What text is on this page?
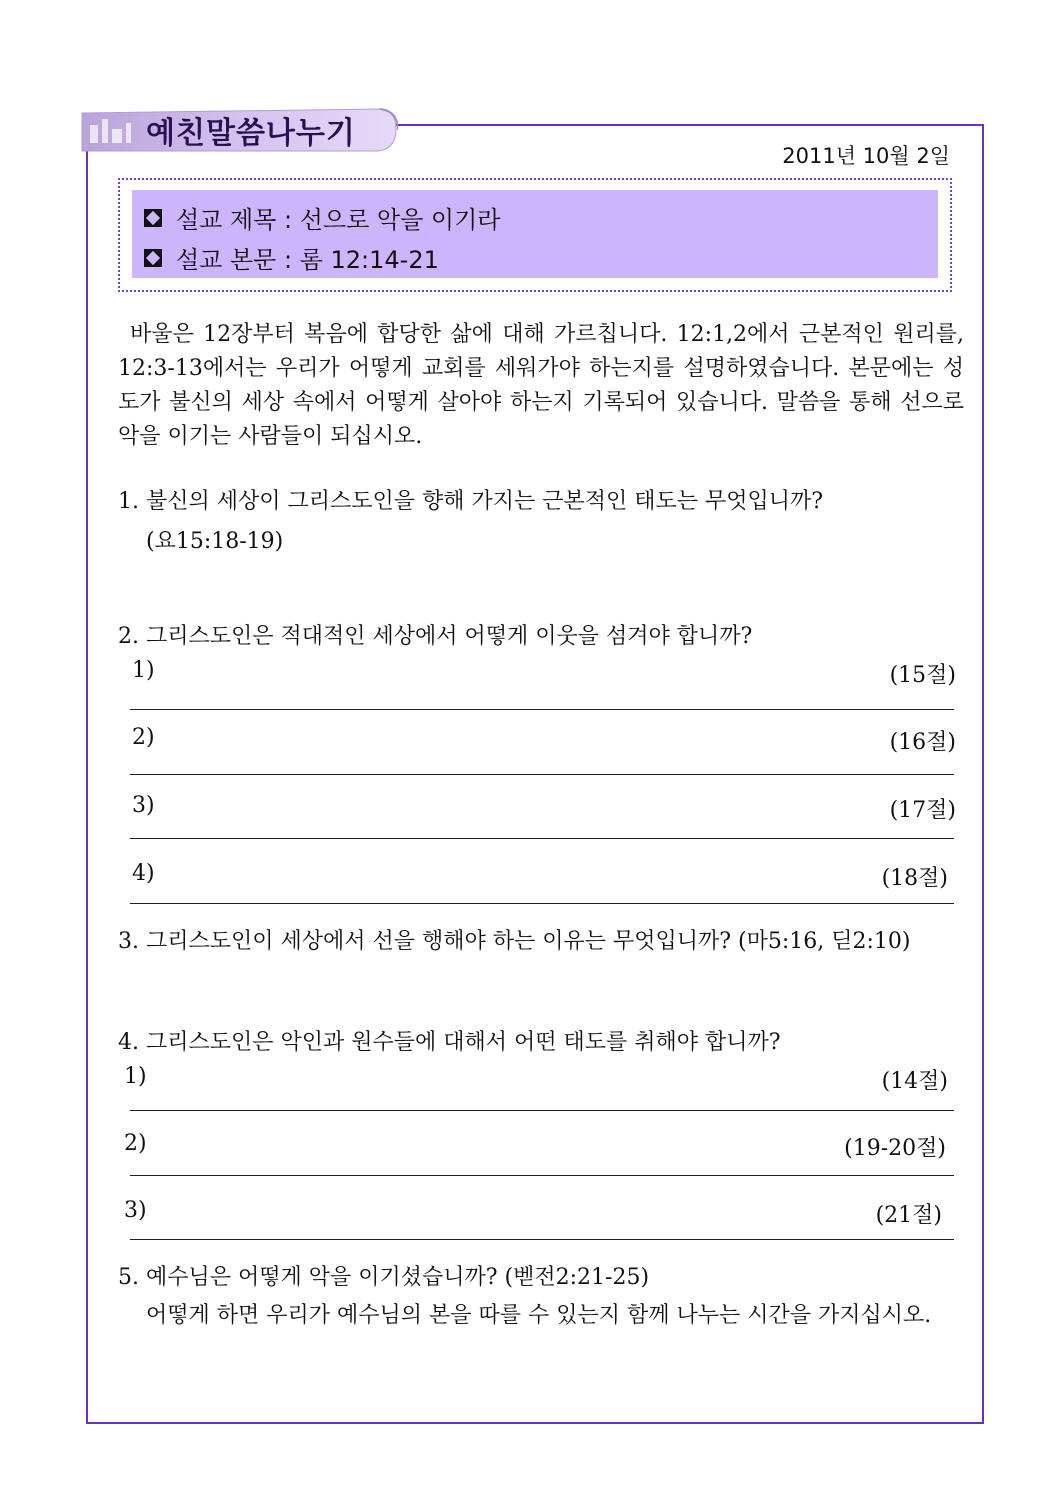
예친말씀나누기
2011년 10월 2일
설교 제목 : 선으로 악을 이기라
설교 본문 : 롬 12:14-21

바울은 12장부터 복음에 합당한 삶에 대해 가르칩니다. 12:1,2에서 근본적인 원리를, 12:3-13에서는 우리가 어떻게 교회를 세워가야 하는지를 설명하였습니다. 본문에는 성도가 불신의 세상 속에서 어떻게 살아야 하는지 기록되어 있습니다. 말씀을 통해 선으로 악을 이기는 사람들이 되십시오.

1. 불신의 세상이 그리스도인을 향해 가지는 근본적인 태도는 무엇입니까?
(요15:18-19)
2. 그리스도인은 적대적인 세상에서 어떻게 이웃을 섬겨야 합니까?
1)	(15절)
2)	(16절)
3)	(17절)
4)	(18절)
3. 그리스도인이 세상에서 선을 행해야 하는 이유는 무엇입니까? (마5:16, 딛2:10)
4. 그리스도인은 악인과 원수들에 대해서 어떤 태도를 취해야 합니까?
1)	(14절)
2)	(19-20절)
3)	(21절)
5. 예수님은 어떻게 악을 이기셨습니까? (벧전2:21-25)
어떻게 하면 우리가 예수님의 본을 따를 수 있는지 함께 나누는 시간을 가지십시오.
